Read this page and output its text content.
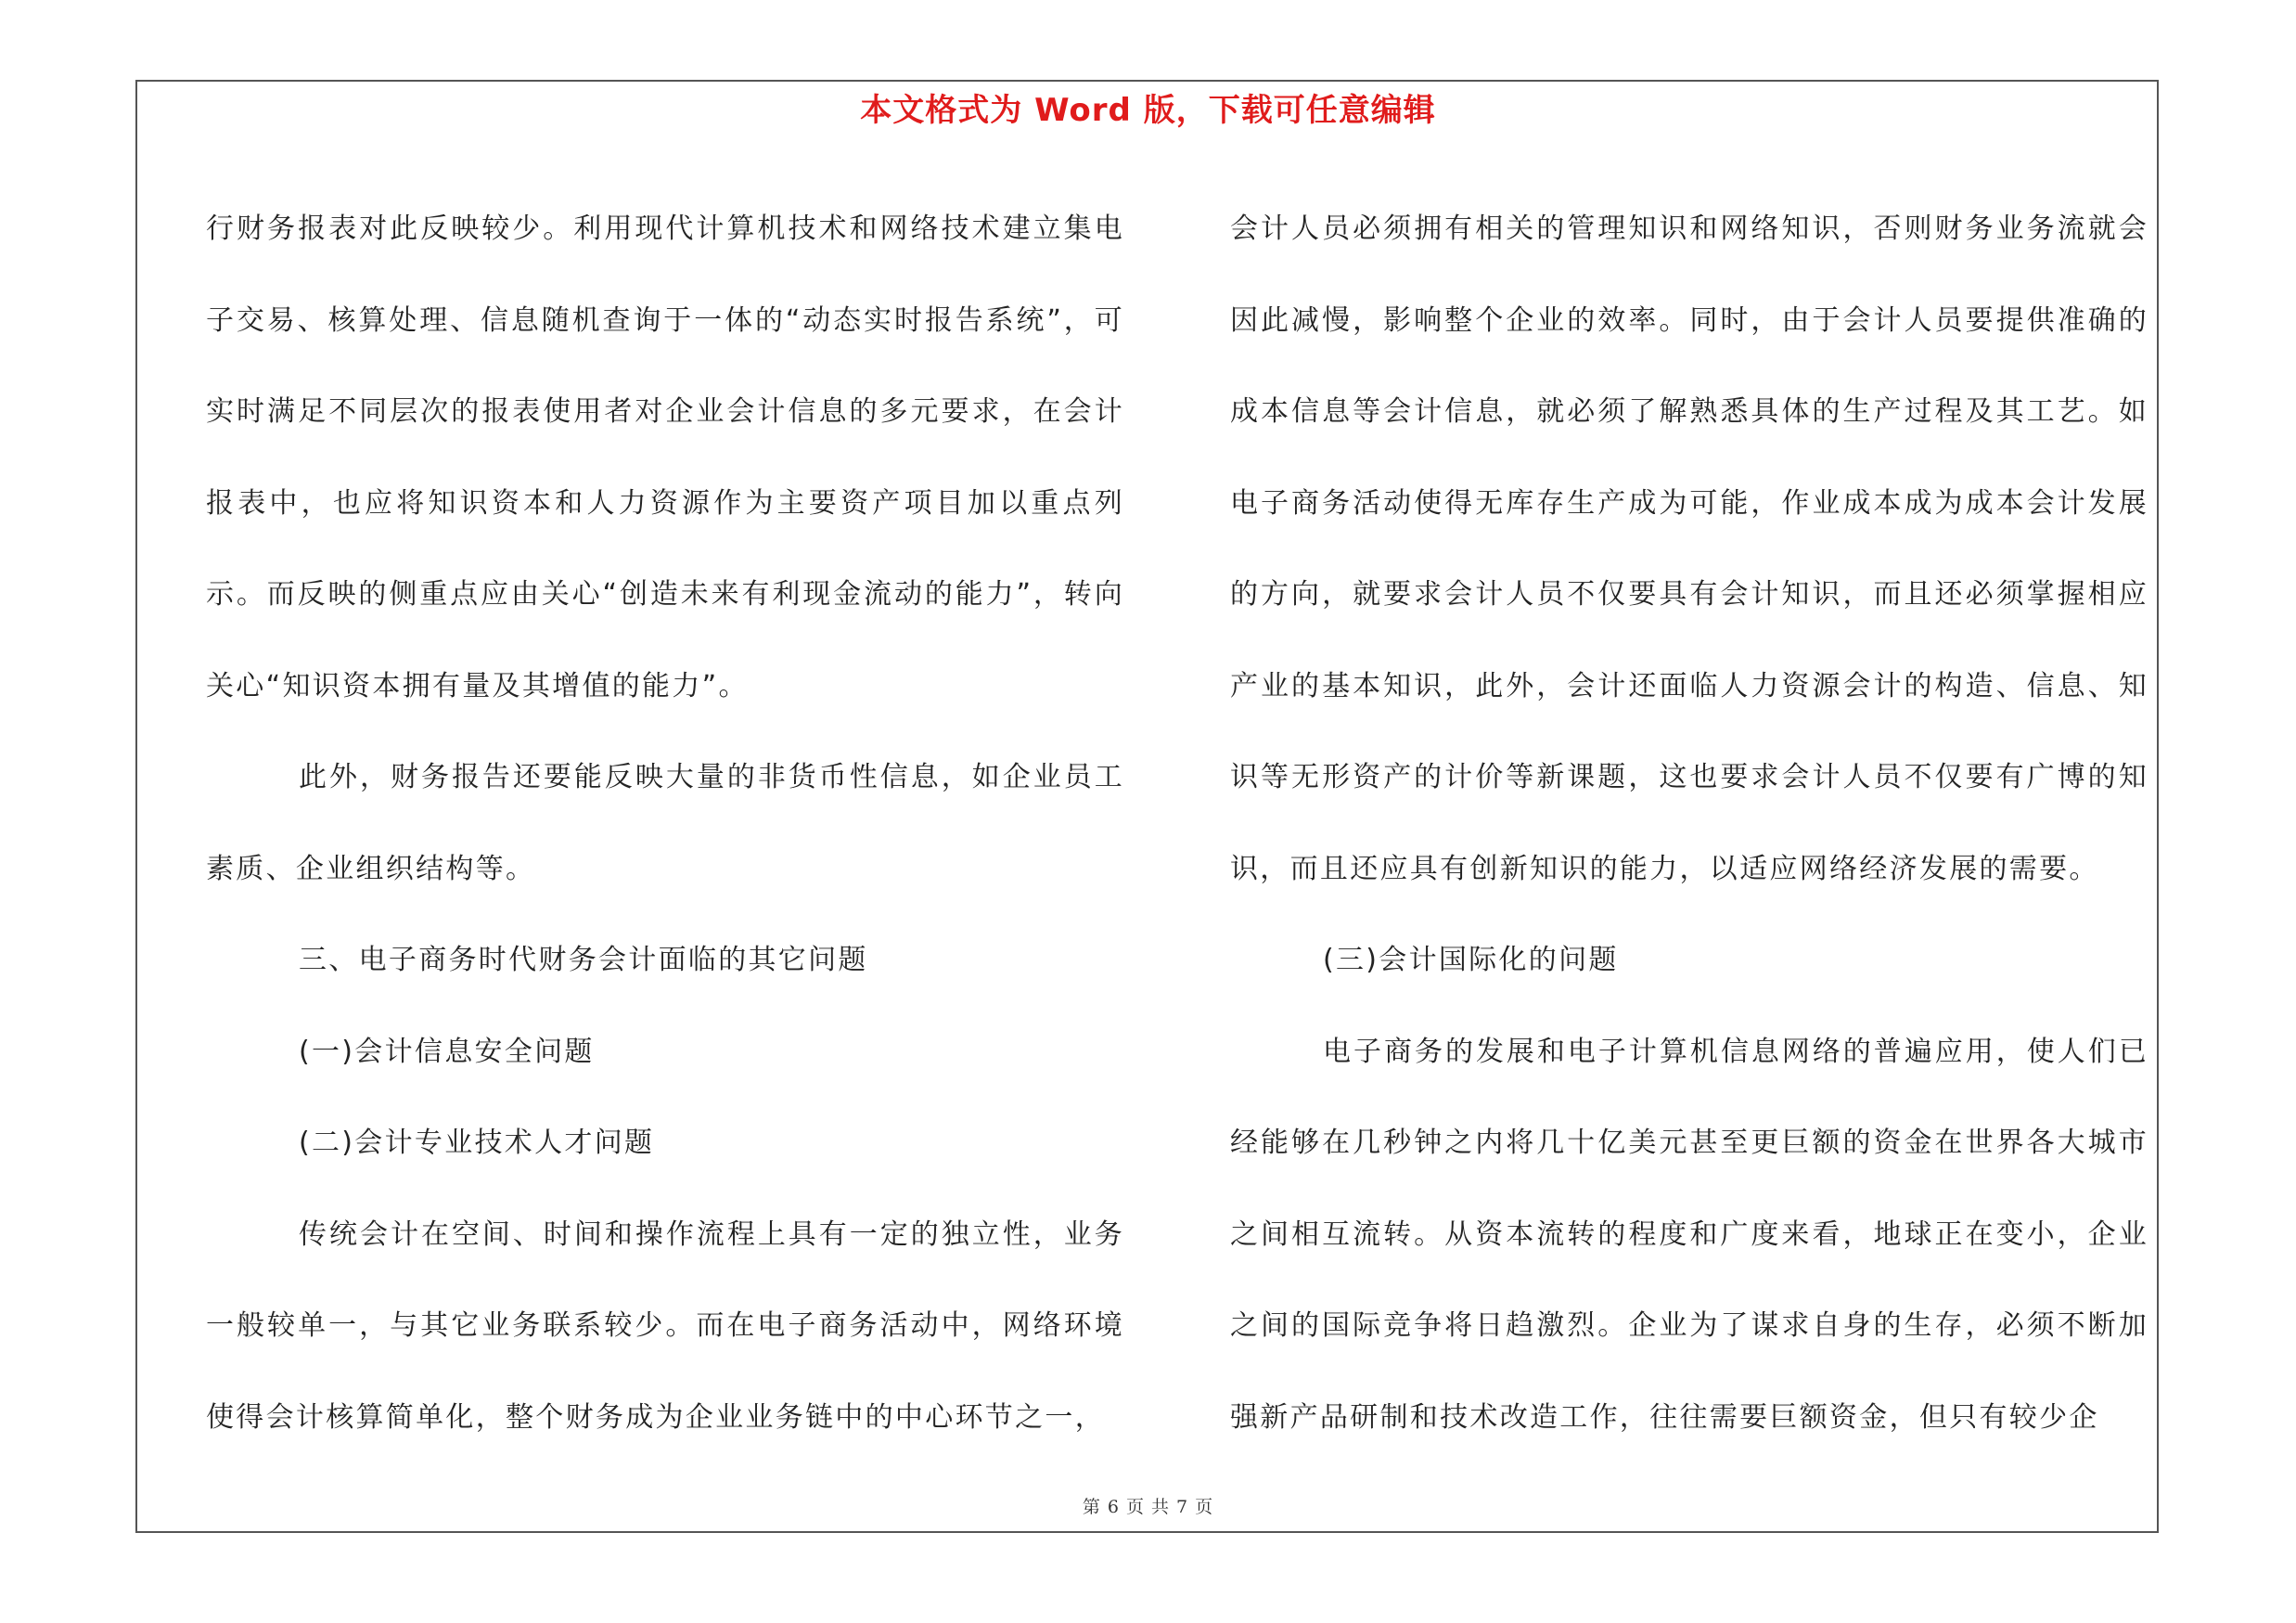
本文格式为 Word 版，下载可任意编辑

行财务报表对此反映较少。利用现代计算机技术和网络技术建立集电子交易、核算处理、信息随机查询于一体的“动态实时报告系统”，可实时满足不同层次的报表使用者对企业会计信息的多元要求，在会计报表中，也应将知识资本和人力资源作为主要资产项目加以重点列示。而反映的侧重点应由关心“创造未来有利现金流动的能力”，转向关心“知识资本拥有量及其增值的能力”。

此外，财务报告还要能反映大量的非货币性信息，如企业员工素质、企业组织结构等。

三、电子商务时代财务会计面临的其它问题

(一)会计信息安全问题

(二)会计专业技术人才问题

传统会计在空间、时间和操作流程上具有一定的独立性，业务一般较单一，与其它业务联系较少。而在电子商务活动中，网络环境使得会计核算简单化，整个财务成为企业业务链中的中心环节之一，

会计人员必须拥有相关的管理知识和网络知识，否则财务业务流就会因此减慢，影响整个企业的效率。同时，由于会计人员要提供准确的成本信息等会计信息，就必须了解熟悉具体的生产过程及其工艺。如电子商务活动使得无库存生产成为可能，作业成本成为成本会计发展的方向，就要求会计人员不仅要具有会计知识，而且还必须掌握相应产业的基本知识，此外，会计还面临人力资源会计的构造、信息、知识等无形资产的计价等新课题，这也要求会计人员不仅要有广博的知识，而且还应具有创新知识的能力，以适应网络经济发展的需要。

(三)会计国际化的问题

电子商务的发展和电子计算机信息网络的普遍应用，使人们已经能够在几秒钟之内将几十亿美元甚至更巨额的资金在世界各大城市之间相互流转。从资本流转的程度和广度来看，地球正在变小，企业之间的国际竞争将日趋激烈。企业为了谋求自身的生存，必须不断加强新产品研制和技术改造工作，往往需要巨额资金，但只有较少企

第 6 页 共 7 页
